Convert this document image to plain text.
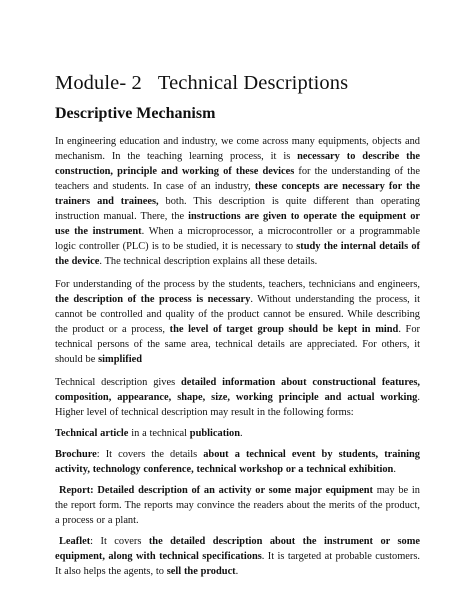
Module- 2 Technical Descriptions
Descriptive Mechanism

In engineering education and industry, we come across many equipments, objects and mechanism. In the teaching learning process, it is necessary to describe the construction, principle and working of these devices for the understanding of the teachers and students. In case of an industry, these concepts are necessary for the trainers and trainees, both. This description is quite different than operating instruction manual. There, the instructions are given to operate the equipment or use the instrument. When a microprocessor, a microcontroller or a programmable logic controller (PLC) is to be studied, it is necessary to study the internal details of the device. The technical description explains all these details.

For understanding of the process by the students, teachers, technicians and engineers, the description of the process is necessary. Without understanding the process, it cannot be controlled and quality of the product cannot be ensured. While describing the product or a process, the level of target group should be kept in mind. For technical persons of the same area, technical details are appreciated. For others, it should be simplified

Technical description gives detailed information about constructional features, composition, appearance, shape, size, working principle and actual working. Higher level of technical description may result in the following forms:

Technical article in a technical publication.

Brochure: It covers the details about a technical event by students, training activity, technology conference, technical workshop or a technical exhibition.

Report: Detailed description of an activity or some major equipment may be in the report form. The reports may convince the readers about the merits of the product, a process or a plant.

Leaflet: It covers the detailed description about the instrument or some equipment, along with technical specifications. It is targeted at probable customers. It also helps the agents, to sell the product.
